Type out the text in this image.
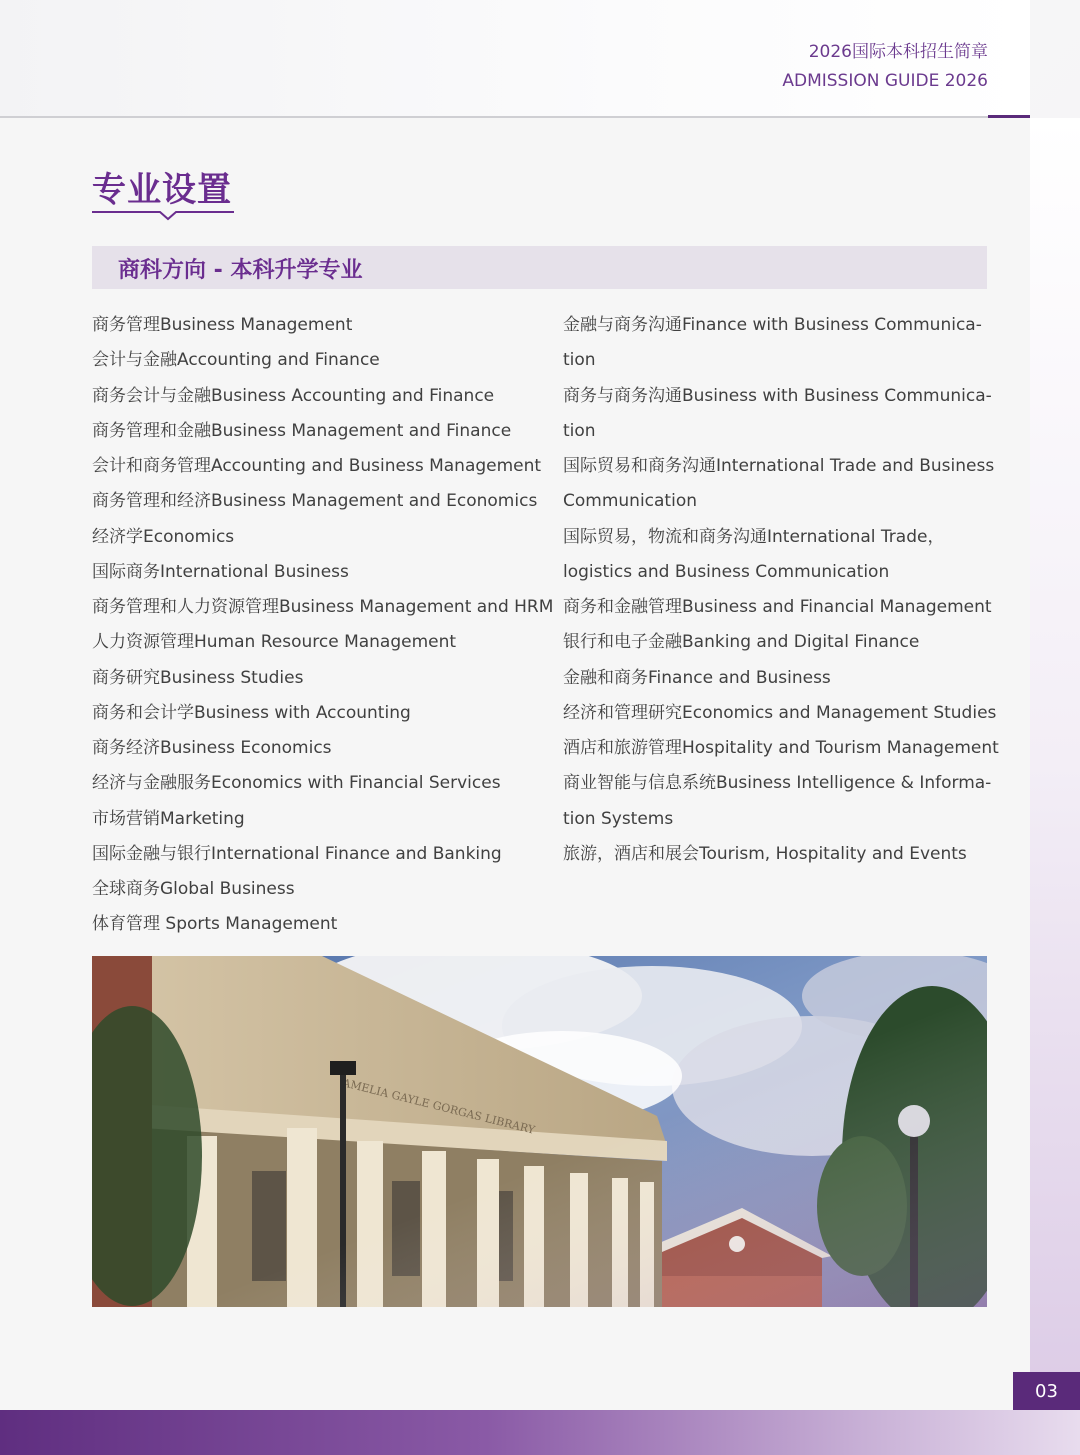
2026国际本科招生简章
ADMISSION GUIDE 2026
专业设置
商科方向 - 本科升学专业
商务管理Business Management
会计与金融Accounting and Finance
商务会计与金融Business Accounting and Finance
商务管理和金融Business Management and Finance
会计和商务管理Accounting and Business Management
商务管理和经济Business Management and Economics
经济学Economics
国际商务International Business
商务管理和人力资源管理Business Management and HRM
人力资源管理Human Resource Management
商务研究Business Studies
商务和会计学Business with Accounting
商务经济Business Economics
经济与金融服务Economics with Financial Services
市场营销Marketing
国际金融与银行International Finance and Banking
全球商务Global Business
体育管理 Sports Management
金融与商务沟通Finance with Business Communica-
tion
商务与商务沟通Business with Business Communica-
tion
国际贸易和商务沟通International Trade and Business
Communication
国际贸易，物流和商务沟通International Trade，
logistics and Business Communication
商务和金融管理Business and Financial Management
银行和电子金融Banking and Digital Finance
金融和商务Finance and Business
经济和管理研究Economics and Management Studies
酒店和旅游管理Hospitality and Tourism Management
商业智能与信息系统Business Intelligence & Informa-
tion Systems
旅游，酒店和展会Tourism, Hospitality and Events
03
